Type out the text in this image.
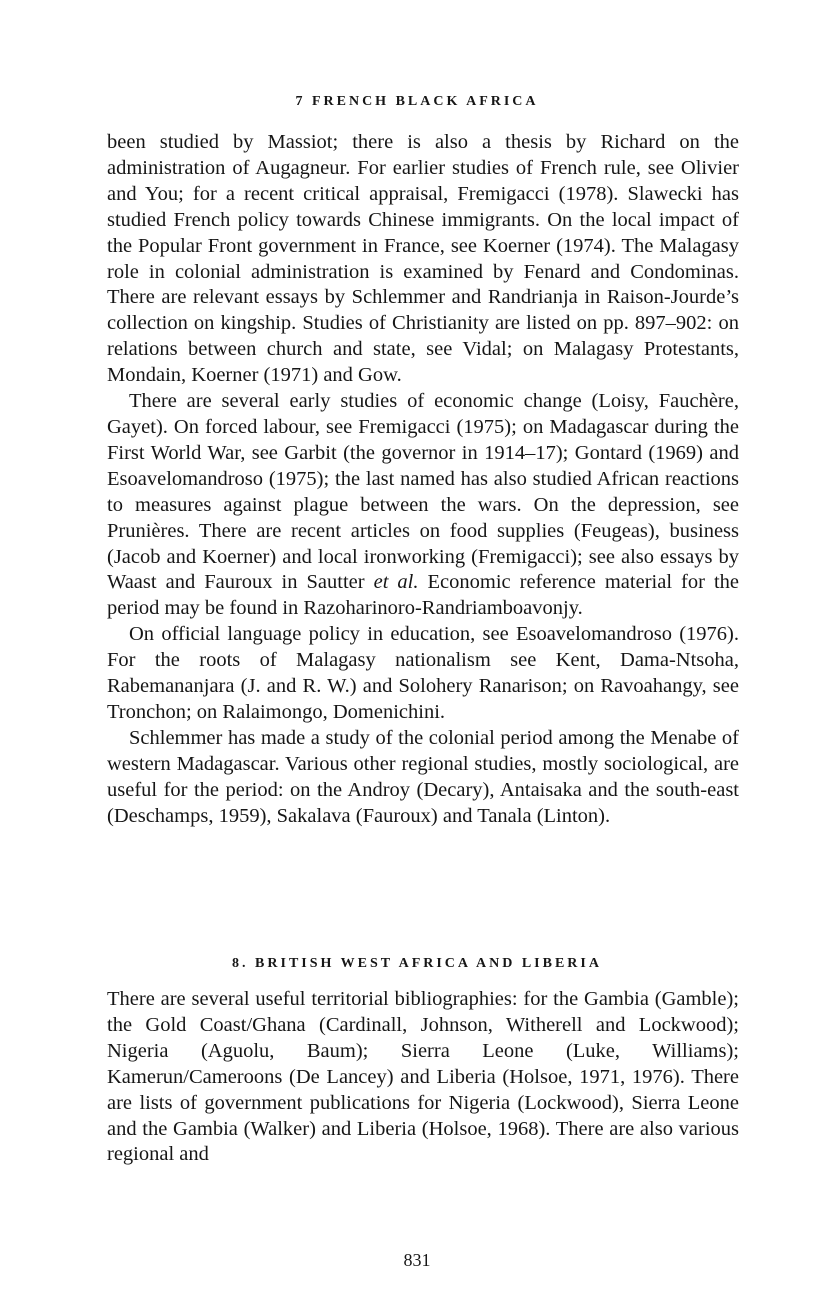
7 FRENCH BLACK AFRICA

been studied by Massiot; there is also a thesis by Richard on the administration of Augagneur. For earlier studies of French rule, see Olivier and You; for a recent critical appraisal, Fremigacci (1978). Slawecki has studied French policy towards Chinese immigrants. On the local impact of the Popular Front government in France, see Koerner (1974). The Malagasy role in colonial administration is examined by Fenard and Condominas. There are relevant essays by Schlemmer and Randrianja in Raison-Jourde’s collection on kingship. Studies of Christianity are listed on pp. 897–902: on relations between church and state, see Vidal; on Malagasy Protestants, Mondain, Koerner (1971) and Gow.

There are several early studies of economic change (Loisy, Fauchère, Gayet). On forced labour, see Fremigacci (1975); on Madagascar during the First World War, see Garbit (the governor in 1914–17); Gontard (1969) and Esoavelomandroso (1975); the last named has also studied African reactions to measures against plague between the wars. On the depression, see Prunières. There are recent articles on food supplies (Feugeas), business (Jacob and Koerner) and local ironworking (Fremigacci); see also essays by Waast and Fauroux in Sautter et al. Economic reference material for the period may be found in Razoharinoro-Randriamboavonjy.

On official language policy in education, see Esoavelomandroso (1976). For the roots of Malagasy nationalism see Kent, Dama-Ntsoha, Rabemananjara (J. and R. W.) and Solohery Ranarison; on Ravoahangy, see Tronchon; on Ralaimongo, Domenichini.

Schlemmer has made a study of the colonial period among the Menabe of western Madagascar. Various other regional studies, mostly sociological, are useful for the period: on the Androy (Decary), Antaisaka and the south-east (Deschamps, 1959), Sakalava (Fauroux) and Tanala (Linton).

8. BRITISH WEST AFRICA AND LIBERIA

There are several useful territorial bibliographies: for the Gambia (Gamble); the Gold Coast/Ghana (Cardinall, Johnson, Witherell and Lockwood); Nigeria (Aguolu, Baum); Sierra Leone (Luke, Williams); Kamerun/Cameroons (De Lancey) and Liberia (Holsoe, 1971, 1976). There are lists of government publications for Nigeria (Lockwood), Sierra Leone and the Gambia (Walker) and Liberia (Holsoe, 1968). There are also various regional and

831
